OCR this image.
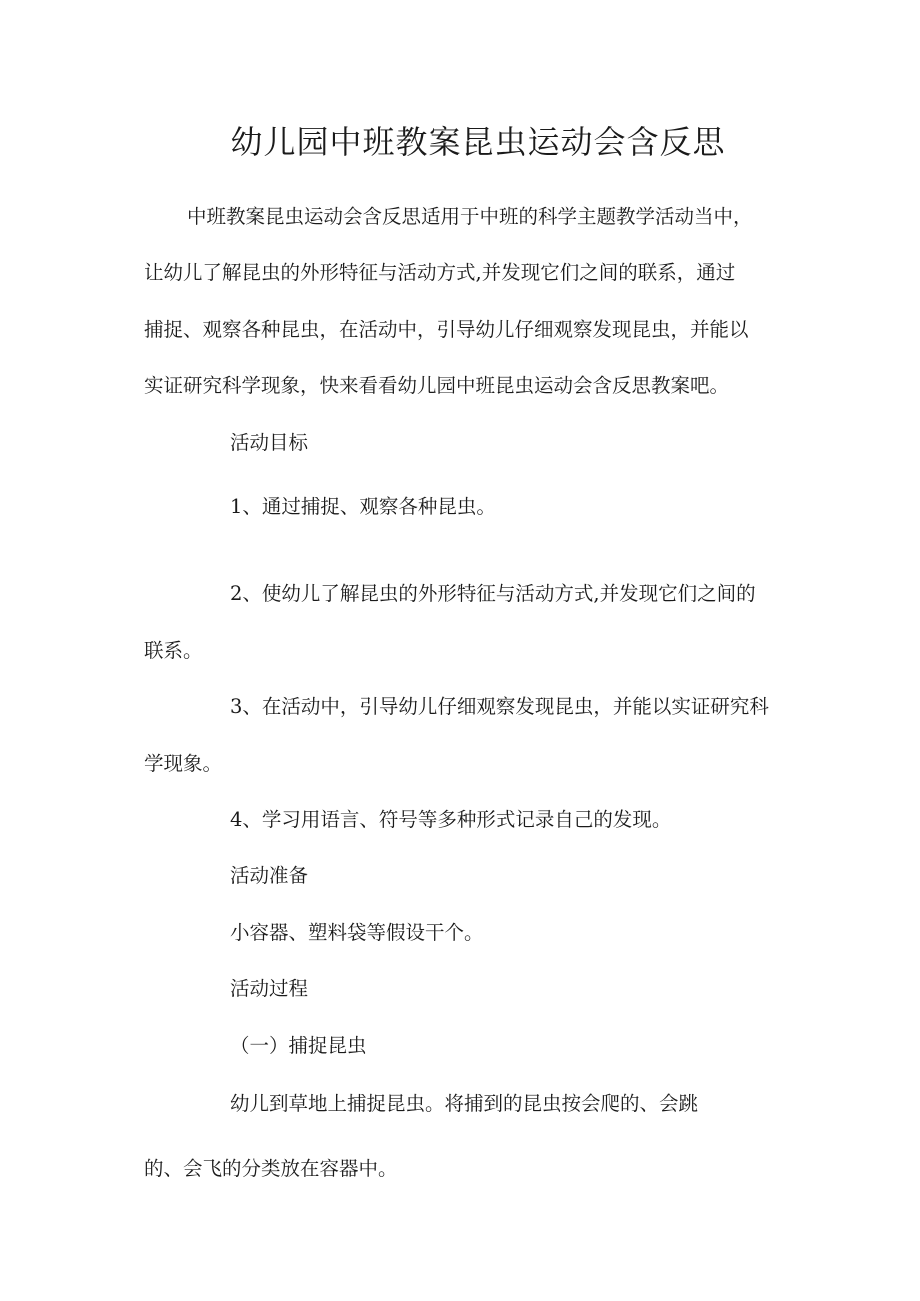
幼儿园中班教案昆虫运动会含反思
中班教案昆虫运动会含反思适用于中班的科学主题教学活动当中，
让幼儿了解昆虫的外形特征与活动方式,并发现它们之间的联系，通过
捕捉、观察各种昆虫，在活动中，引导幼儿仔细观察发现昆虫，并能以
实证研究科学现象，快来看看幼儿园中班昆虫运动会含反思教案吧。
活动目标
1、通过捕捉、观察各种昆虫。
2、使幼儿了解昆虫的外形特征与活动方式,并发现它们之间的
联系。
3、在活动中，引导幼儿仔细观察发现昆虫，并能以实证研究科
学现象。
4、学习用语言、符号等多种形式记录自己的发现。
活动准备
小容器、塑料袋等假设干个。
活动过程
（一）捕捉昆虫
幼儿到草地上捕捉昆虫。将捕到的昆虫按会爬的、会跳
的、会飞的分类放在容器中。
